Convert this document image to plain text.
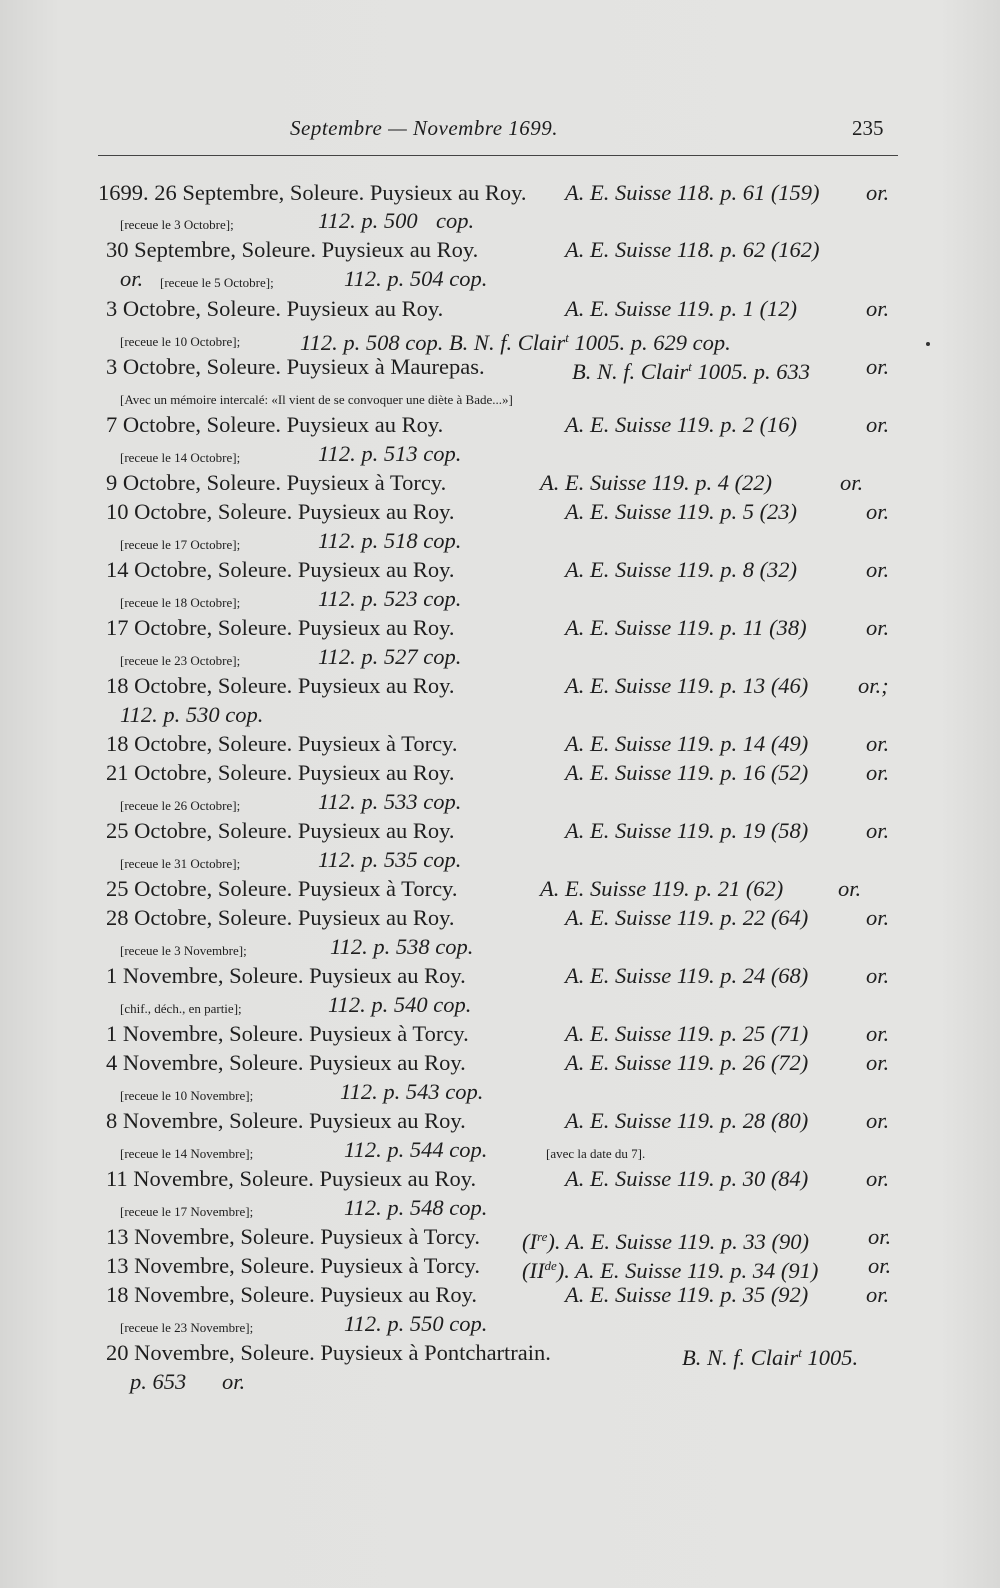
Septembre — Novembre 1699.	235
1699. 26 Septembre, Soleure. Puysieux au Roy. A. E. Suisse 118. p. 61 (159) or.
[receue le 3 Octobre];	112. p. 500 cop.
30 Septembre, Soleure. Puysieux au Roy.	A. E. Suisse 118. p. 62 (162)
or. [receue le 5 Octobre];	112. p. 504 cop.
3 Octobre, Soleure. Puysieux au Roy.	A. E. Suisse 119. p. 1 (12)	or.
[receue le 10 Octobre];	112. p. 508 cop. B. N. f. Clair$^t$ 1005. p. 629 cop.
3 Octobre, Soleure. Puysieux à Maurepas.	B. N. f. Clair$^t$ 1005. p. 633 or.
[Avec un mémoire intercalé: «Il vient de se convoquer une diète à Bade...»]
7 Octobre, Soleure. Puysieux au Roy.	A. E. Suisse 119. p. 2 (16)	or.
[receue le 14 Octobre];	112. p. 513 cop.
9 Octobre, Soleure. Puysieux à Torcy.	A. E. Suisse 119. p. 4 (22)	or.
10 Octobre, Soleure. Puysieux au Roy.	A. E. Suisse 119. p. 5 (23)	or.
[receue le 17 Octobre];	112. p. 518 cop.
14 Octobre, Soleure. Puysieux au Roy.	A. E. Suisse 119. p. 8 (32)	or.
[receue le 18 Octobre];	112. p. 523 cop.
17 Octobre, Soleure. Puysieux au Roy.	A. E. Suisse 119. p. 11 (38)	or.
[receue le 23 Octobre];	112. p. 527 cop.
18 Octobre, Soleure. Puysieux au Roy.	A. E. Suisse 119. p. 13 (46) or.;
112. p. 530 cop.
18 Octobre, Soleure. Puysieux à Torcy.	A. E. Suisse 119. p. 14 (49)	or.
21 Octobre, Soleure. Puysieux au Roy.	A. E. Suisse 119. p. 16 (52)	or.
[receue le 26 Octobre];	112. p. 533 cop.
25 Octobre, Soleure. Puysieux au Roy.	A. E. Suisse 119. p. 19 (58)	or.
[receue le 31 Octobre];	112. p. 535 cop.
25 Octobre, Soleure. Puysieux à Torcy.	A. E. Suisse 119. p. 21 (62) or.
28 Octobre, Soleure. Puysieux au Roy.	A. E. Suisse 119. p. 22 (64)	or.
[receue le 3 Novembre];	112. p. 538 cop.
1 Novembre, Soleure. Puysieux au Roy.	A. E. Suisse 119. p. 24 (68)	or.
[chif., déch., en partie];	112. p. 540 cop.
1 Novembre, Soleure. Puysieux à Torcy.	A. E. Suisse 119. p. 25 (71)	or.
4 Novembre, Soleure. Puysieux au Roy.	A. E. Suisse 119. p. 26 (72)	or.
[receue le 10 Novembre];	112. p. 543 cop.
8 Novembre, Soleure. Puysieux au Roy.	A. E. Suisse 119. p. 28 (80)	or.
[receue le 14 Novembre];	112. p. 544 cop.	[avec la date du 7].
11 Novembre, Soleure. Puysieux au Roy.	A. E. Suisse 119. p. 30 (84)	or.
[receue le 17 Novembre];	112. p. 548 cop.
13 Novembre, Soleure. Puysieux à Torcy. (Ire). A. E. Suisse 119. p. 33 (90)	or.
13 Novembre, Soleure. Puysieux à Torcy. (IIde). A. E. Suisse 119. p. 34 (91) or.
18 Novembre, Soleure. Puysieux au Roy.	A. E. Suisse 119. p. 35 (92)	or.
[receue le 23 Novembre];	112. p. 550 cop.
20 Novembre, Soleure. Puysieux à Pontchartrain.	B. N. f. Clair$^t$ 1005.
p. 653 or.
